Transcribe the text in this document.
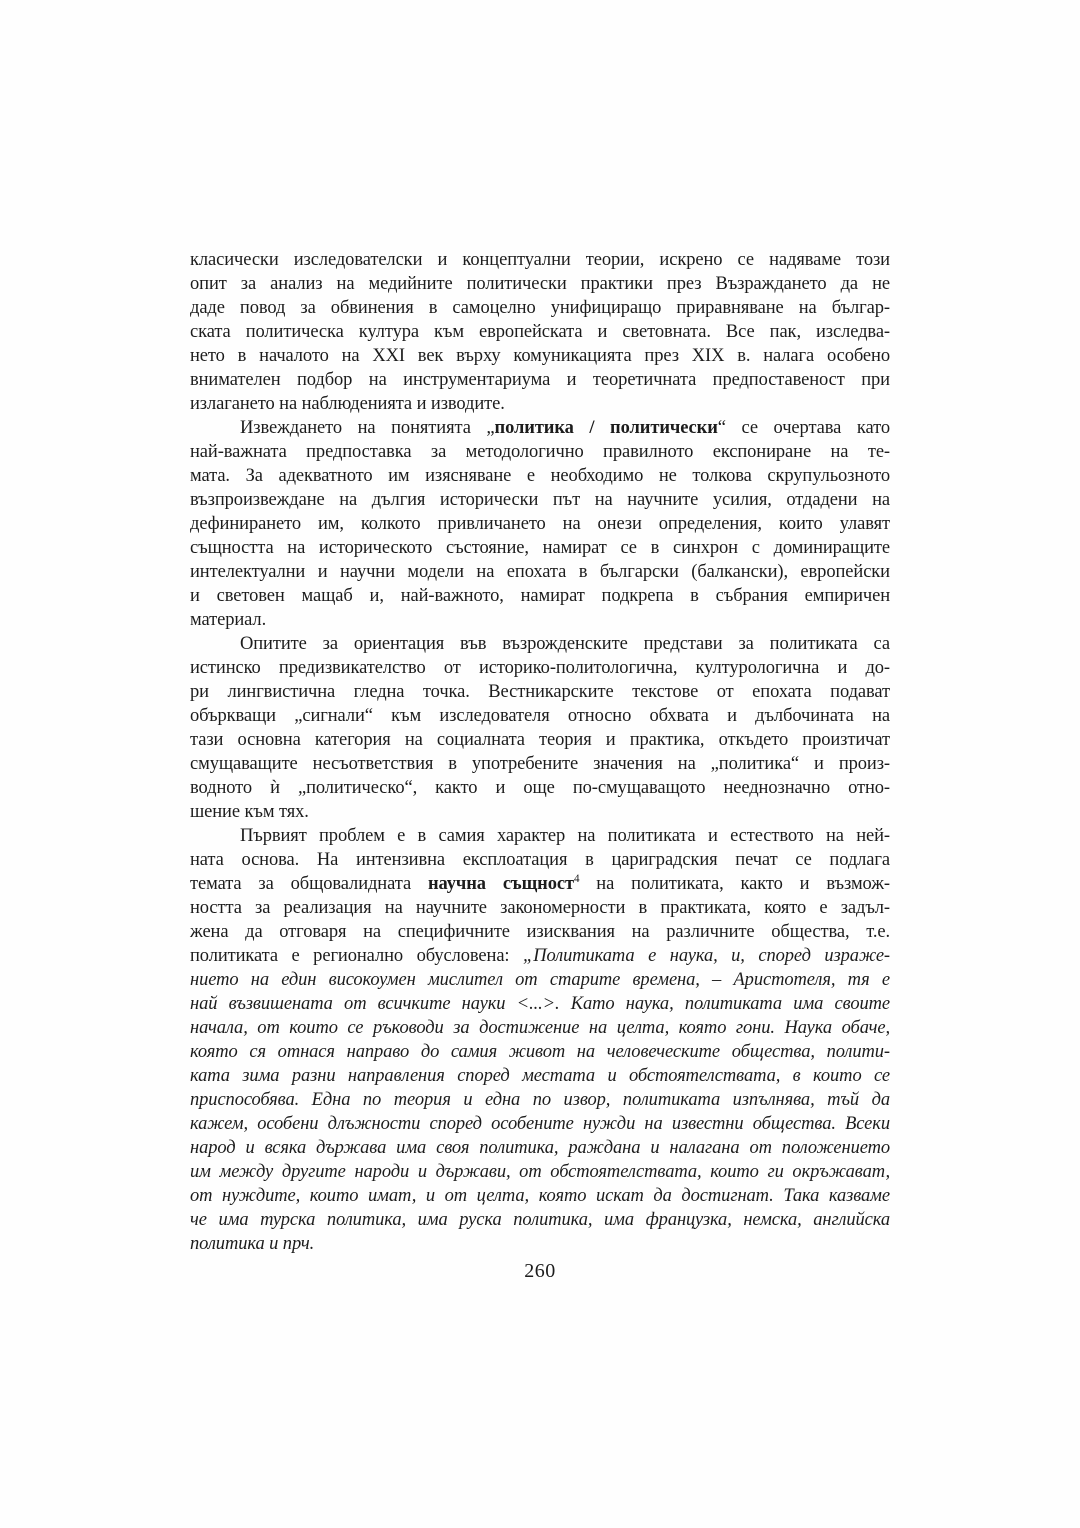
класически изследователски и концептуални теории, искрено се надяваме този
опит за анализ на медийните политически практики през Възраждането да не
даде повод за обвинения в самоцелно унифициращо приравняване на българ-
ската политическа култура към европейската и световната. Все пак, изследва-
нето в началото на XXI век върху комуникацията през XIX в. налага особено
внимателен подбор на инструментариума и теоретичната предпоставеност при
излагането на наблюденията и изводите.
Извеждането на понятията „политика / политически“ се очертава като
най-важната предпоставка за методологично правилното експониране на те-
мата. За адекватното им изясняване е необходимо не толкова скрупульозното
възпроизвеждане на дългия исторически път на научните усилия, отдадени на
дефинирането им, колкото привличането на онези определения, които улавят
същността на историческото състояние, намират се в синхрон с доминиращите
интелектуални и научни модели на епохата в български (балкански), европейски
и световен мащаб и, най-важното, намират подкрепа в събрания емпиричен
материал.
Опитите за ориентация във възрожденските представи за политиката са
истинско предизвикателство от историко-политологична, културологична и до-
ри лингвистична гледна точка. Вестникарските текстове от епохата подават
объркващи „сигнали“ към изследователя относно обхвата и дълбочината на
тази основна категория на социалната теория и практика, откъдето произтичат
смущаващите несъответствия в употребените значения на „политика“ и произ-
водното ѝ „политическо“, както и още по-смущаващото нееднозначно отно-
шение към тях.
Първият проблем е в самия характер на политиката и естеството на ней-
ната основа. На интензивна експлоатация в цариградския печат се подлага
темата за общовалидната научна същност$^4$ на политиката, както и възмож-
ността за реализация на научните закономерности в практиката, която е задъл-
жена да отговаря на специфичните изисквания на различните общества, т.е.
политиката е регионално обусловена: „Политиката е наука, и, според израже-
нието на един високоумен мислител от старите времена, – Аристотеля, тя е
най възвишената от всичките науки <...>. Като наука, политиката има своите
начала, от които се ръководи за достижение на целта, която гони. Наука обаче,
която ся отнася направо до самия живот на человеческите общества, полити-
ката зима разни направления според местата и обстоятелствата, в които се
приспособява. Една по теория и една по извор, политиката изпълнява, тъй да
кажем, особени длъжности според особените нужди на известни общества. Всеки
народ и всяка държава има своя политика, раждана и налагана от положението
им между другите народи и държави, от обстоятелствата, които ги окръжават,
от нуждите, които имат, и от целта, която искат да достигнат. Така казваме
че има турска политика, има руска политика, има французка, немска, английска
политика и прч.
260
